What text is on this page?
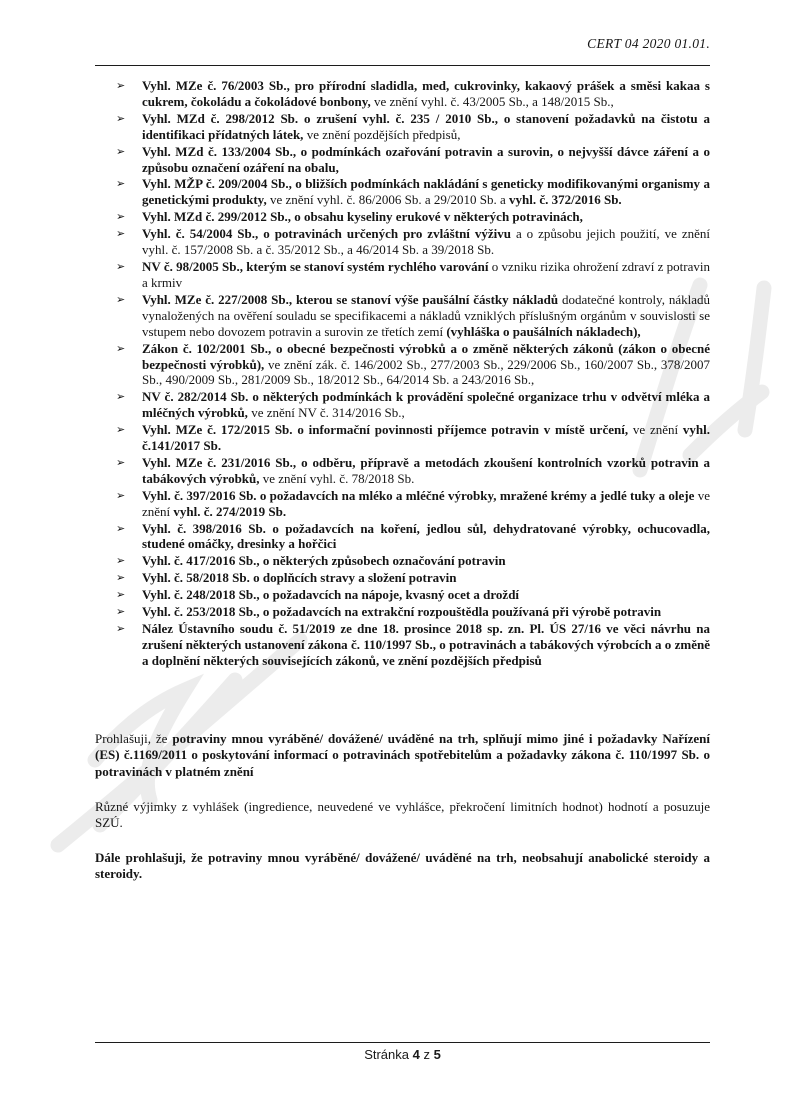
CERT 04 2020 01.01.
➢	Vyhl. MZe č. 76/2003 Sb., pro přírodní sladidla, med, cukrovinky, kakaový prášek a směsi kakaa s cukrem, čokoládu a čokoládové bonbony, ve znění vyhl. č. 43/2005 Sb., a 148/2015 Sb.,
➢	Vyhl. MZd č. 298/2012 Sb. o zrušení vyhl. č. 235 / 2010 Sb., o stanovení požadavků na čistotu a identifikaci přídatných látek, ve znění pozdějších předpisů,
➢	Vyhl. MZd č. 133/2004 Sb., o podmínkách ozařování potravin a surovin, o nejvyšší dávce záření a o způsobu označení ozáření na obalu,
➢	Vyhl. MŽP č. 209/2004 Sb., o bližších podmínkách nakládání s geneticky modifikovanými organismy a genetickými produkty, ve znění vyhl. č. 86/2006 Sb. a 29/2010 Sb. a vyhl. č. 372/2016 Sb.
➢	Vyhl. MZd č. 299/2012 Sb., o obsahu kyseliny erukové v některých potravinách,
➢	Vyhl. č. 54/2004 Sb., o potravinách určených pro zvláštní výživu a o způsobu jejich použití, ve znění vyhl. č. 157/2008 Sb. a č. 35/2012 Sb., a 46/2014 Sb. a 39/2018 Sb.
➢	NV č. 98/2005 Sb., kterým se stanoví systém rychlého varování o vzniku rizika ohrožení zdraví z potravin a krmiv
➢	Vyhl. MZe č. 227/2008 Sb., kterou se stanoví výše paušální částky nákladů dodatečné kontroly, nákladů vynaložených na ověření souladu se specifikacemi a nákladů vzniklých příslušným orgánům v souvislosti se vstupem nebo dovozem potravin a surovin ze třetích zemí (vyhláška o paušálních nákladech),
➢	Zákon č. 102/2001 Sb., o obecné bezpečnosti výrobků a o změně některých zákonů (zákon o obecné bezpečnosti výrobků), ve znění zák. č. 146/2002 Sb., 277/2003 Sb., 229/2006 Sb., 160/2007 Sb., 378/2007 Sb., 490/2009 Sb., 281/2009 Sb., 18/2012 Sb., 64/2014 Sb. a 243/2016 Sb.,
➢	NV č. 282/2014 Sb. o některých podmínkách k provádění společné organizace trhu v odvětví mléka a mléčných výrobků, ve znění NV č. 314/2016 Sb.,
➢	Vyhl. MZe č. 172/2015 Sb. o informační povinnosti příjemce potravin v místě určení, ve znění vyhl. č.141/2017 Sb.
➢	Vyhl. MZe č. 231/2016 Sb., o odběru, přípravě a metodách zkoušení kontrolních vzorků potravin a tabákových výrobků, ve znění vyhl. č. 78/2018 Sb.
➢	Vyhl. č. 397/2016 Sb. o požadavcích na mléko a mléčné výrobky, mražené krémy a jedlé tuky a oleje ve znění vyhl. č. 274/2019 Sb.
➢	Vyhl. č. 398/2016 Sb. o požadavcích na koření, jedlou sůl, dehydratované výrobky, ochucovadla, studené omáčky, dresinky a hořčici
➢	Vyhl. č. 417/2016 Sb., o některých způsobech označování potravin
➢	Vyhl. č. 58/2018 Sb. o doplňcích stravy a složení potravin
➢	Vyhl. č. 248/2018 Sb., o požadavcích na nápoje, kvasný ocet a droždí
➢	Vyhl. č. 253/2018 Sb., o požadavcích na extrakční rozpouštědla používaná při výrobě potravin
➢	Nález Ústavního soudu č. 51/2019 ze dne 18. prosince 2018 sp. zn. Pl. ÚS 27/16 ve věci návrhu na zrušení některých ustanovení zákona č. 110/1997 Sb., o potravinách a tabákových výrobcích a o změně a doplnění některých souvisejících zákonů, ve znění pozdějších předpisů
Prohlašuji, že potraviny mnou vyráběné/ dovážené/ uváděné na trh, splňují mimo jiné i požadavky Nařízení (ES) č.1169/2011 o poskytování informací o potravinách spotřebitelům a požadavky zákona č. 110/1997 Sb. o potravinách v platném znění
Různé výjimky z vyhlášek (ingredience, neuvedené ve vyhlášce, překročení limitních hodnot) hodnotí a posuzuje SZÚ.
Dále prohlašuji, že potraviny mnou vyráběné/ dovážené/ uváděné na trh, neobsahují anabolické steroidy a steroidy.
Stránka 4 z 5
